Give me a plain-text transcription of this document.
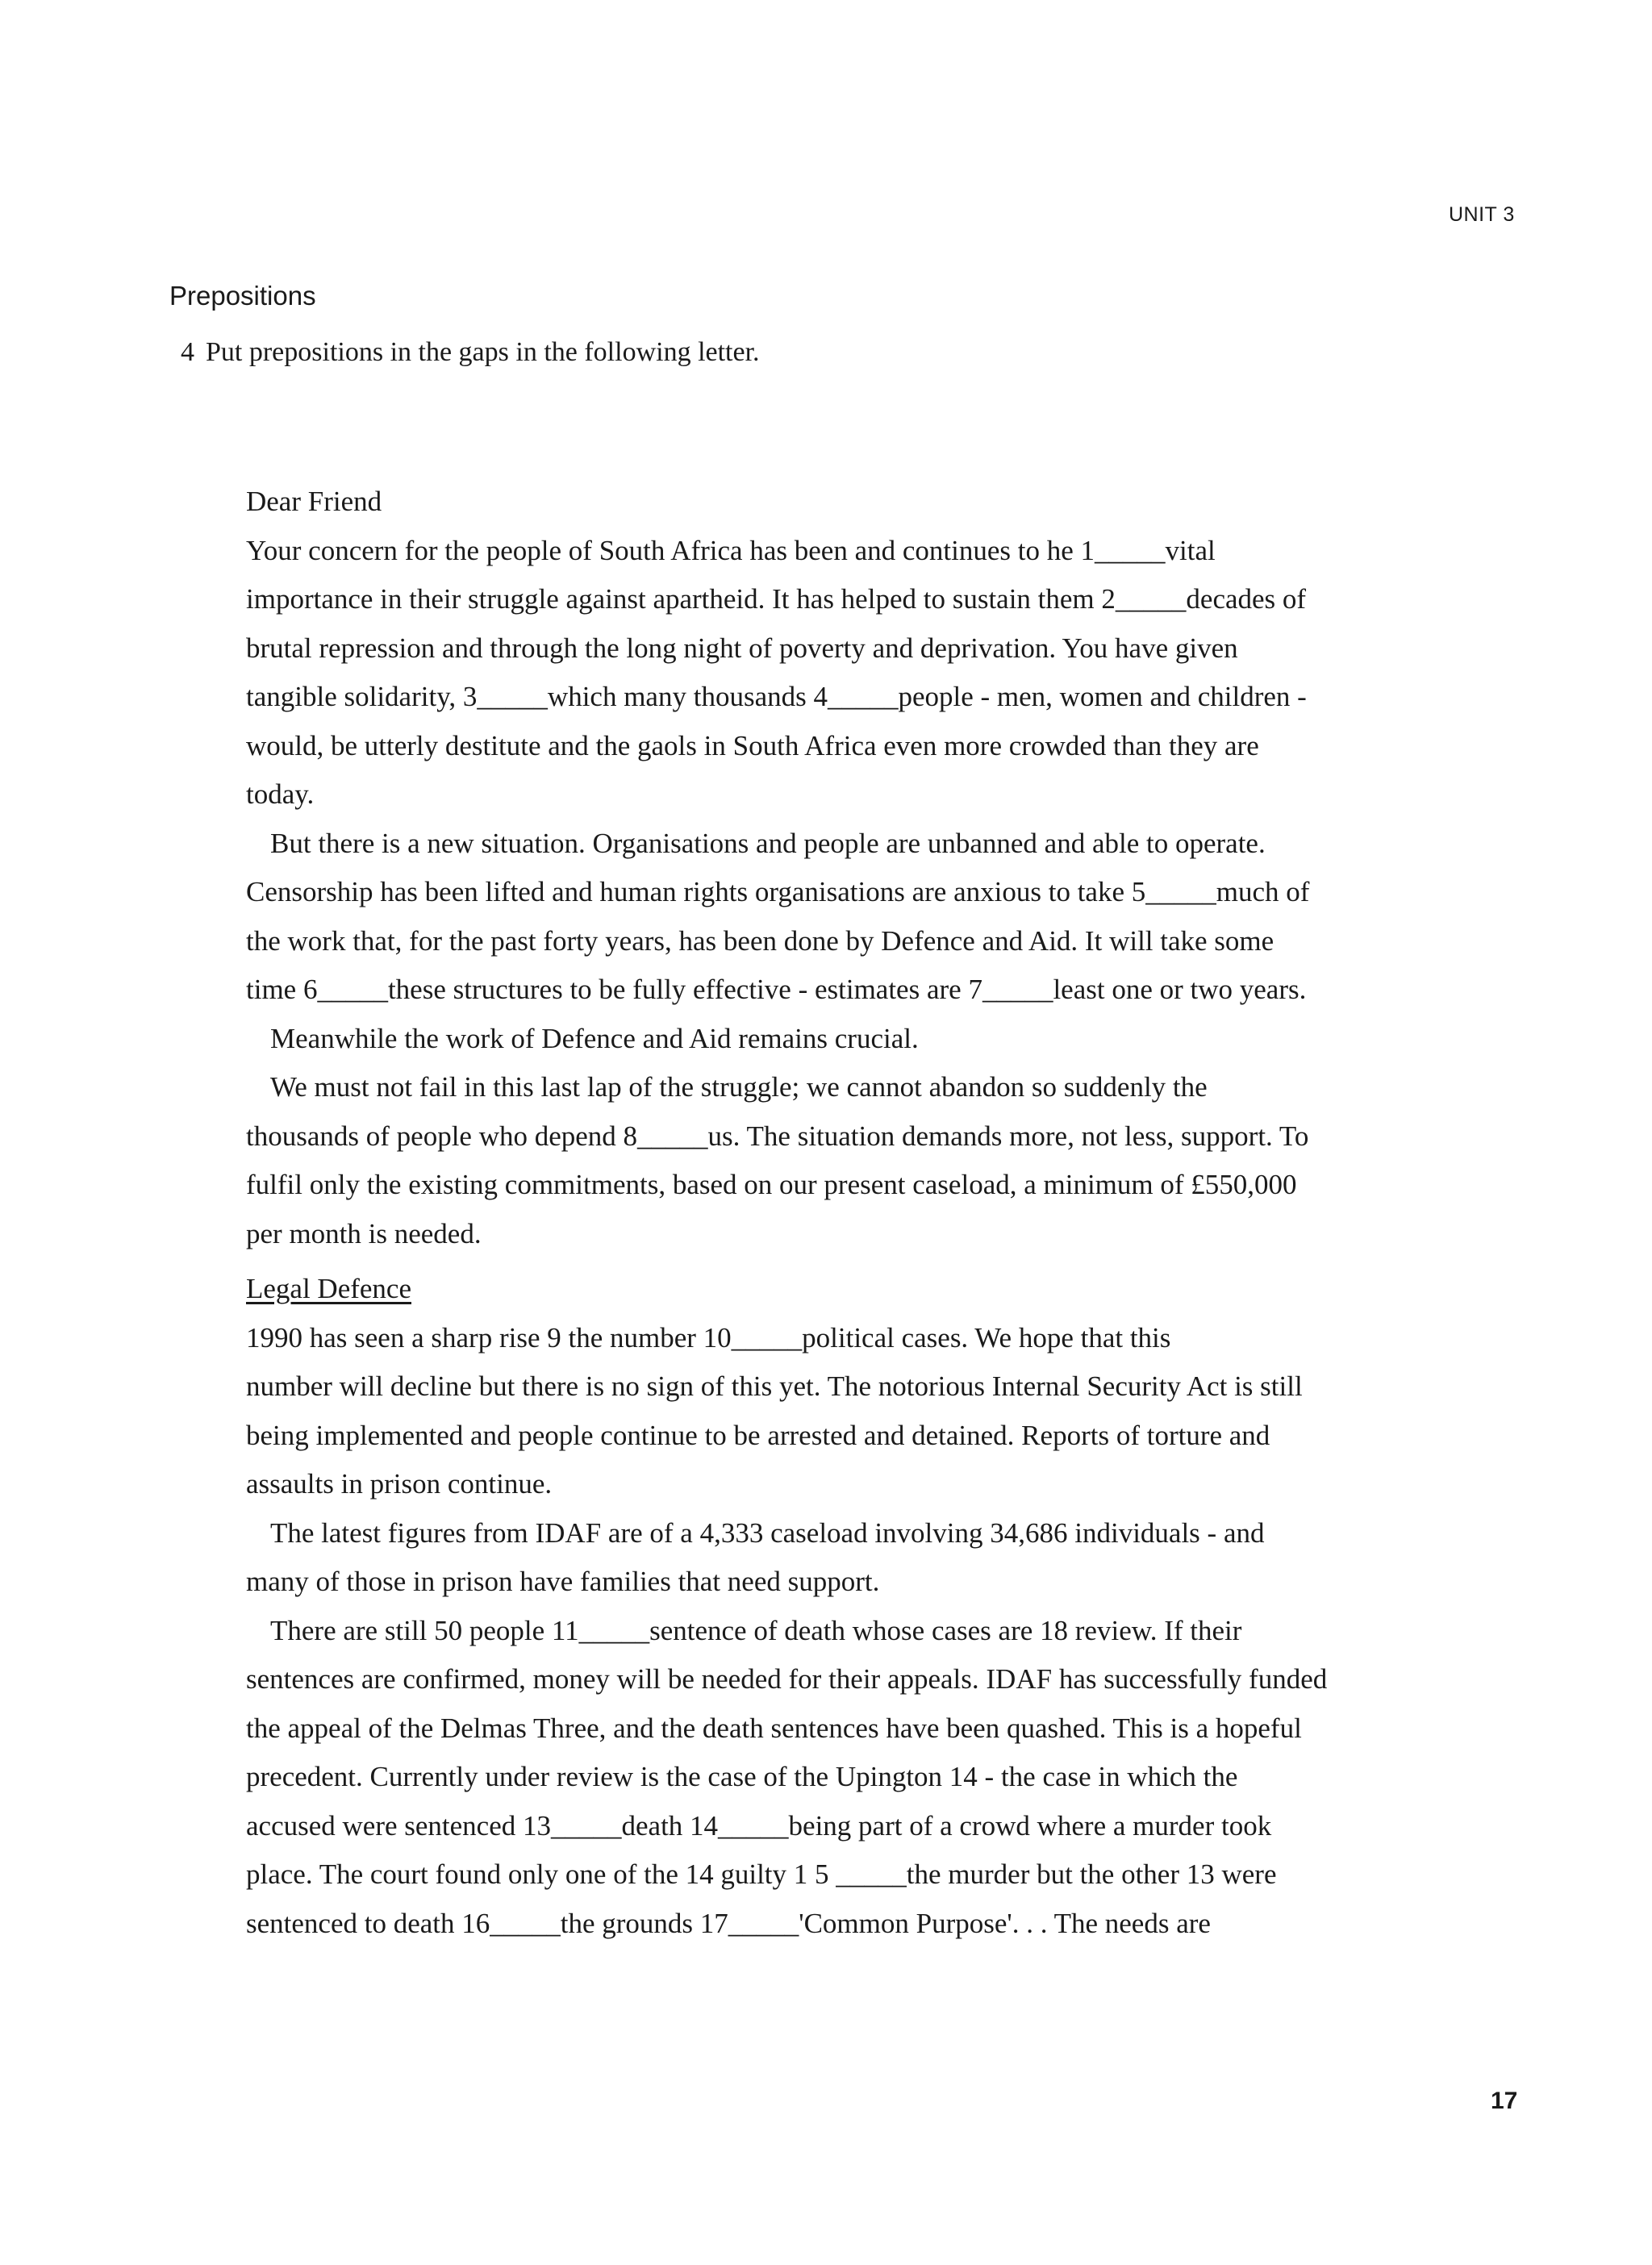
UNIT 3
Prepositions
4 Put prepositions in the gaps in the following letter.
Dear Friend
Your concern for the people of South Africa has been and continues to he 1_____vital
importance in their struggle against apartheid. It has helped to sustain them 2_____decades of
brutal repression and through the long night of poverty and deprivation. You have given
tangible solidarity, 3_____which many thousands 4_____people - men, women and children -
would, be utterly destitute and the gaols in South Africa even more crowded than they are
today.
But there is a new situation. Organisations and people are unbanned and able to operate.
Censorship has been lifted and human rights organisations are anxious to take 5_____much of
the work that, for the past forty years, has been done by Defence and Aid. It will take some
time 6_____these structures to be fully effective - estimates are 7_____least one or two years.
Meanwhile the work of Defence and Aid remains crucial.
We must not fail in this last lap of the struggle; we cannot abandon so suddenly the
thousands of people who depend 8_____us. The situation demands more, not less, support. To
fulfil only the existing commitments, based on our present caseload, a minimum of £550,000
per month is needed.
Legal Defence
1990 has seen a sharp rise 9 the number 10_____political cases. We hope that this
number will decline but there is no sign of this yet. The notorious Internal Security Act is still
being implemented and people continue to be arrested and detained. Reports of torture and
assaults in prison continue.
The latest figures from IDAF are of a 4,333 caseload involving 34,686 individuals - and
many of those in prison have families that need support.
There are still 50 people 11_____sentence of death whose cases are 18 review. If their
sentences are confirmed, money will be needed for their appeals. IDAF has successfully funded
the appeal of the Delmas Three, and the death sentences have been quashed. This is a hopeful
precedent. Currently under review is the case of the Upington 14 - the case in which the
accused were sentenced 13_____death 14_____being part of a crowd where a murder took
place. The court found only one of the 14 guilty 1 5 _____the murder but the other 13 were
sentenced to death 16_____the grounds 17_____'Common Purpose'. . . The needs are
17
